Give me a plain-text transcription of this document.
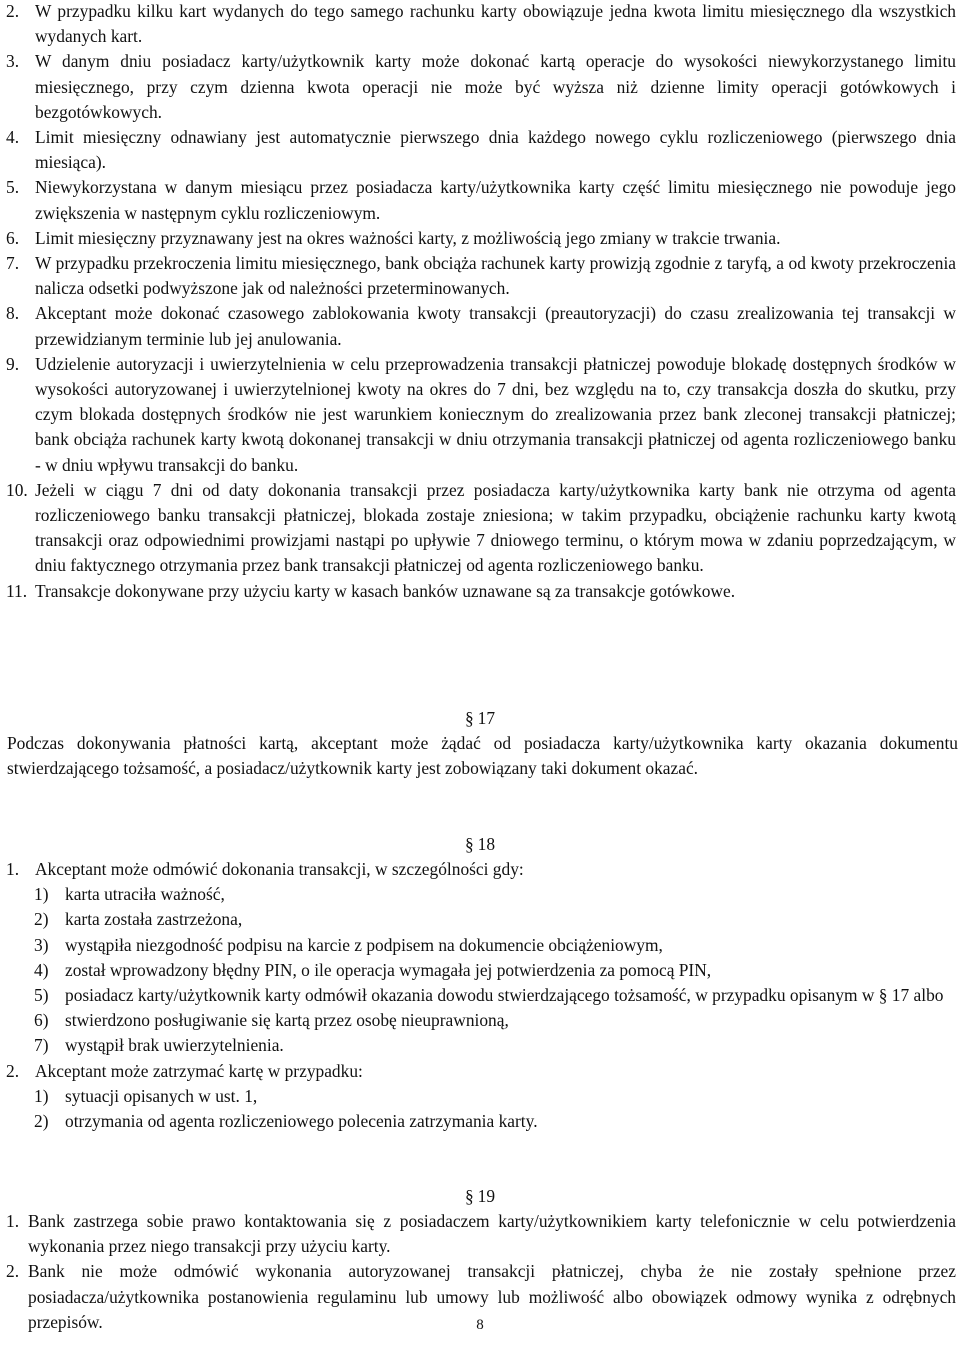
2. W przypadku kilku kart wydanych do tego samego rachunku karty obowiązuje jedna kwota limitu miesięcznego dla wszystkich wydanych kart.
3. W danym dniu posiadacz karty/użytkownik karty może dokonać kartą operacje do wysokości niewykorzystanego limitu miesięcznego, przy czym dzienna kwota operacji nie może być wyższa niż dzienne limity operacji gotówkowych i bezgotówkowych.
4. Limit miesięczny odnawiany jest automatycznie pierwszego dnia każdego nowego cyklu rozliczeniowego (pierwszego dnia miesiąca).
5. Niewykorzystana w danym miesiącu przez posiadacza karty/użytkownika karty część limitu miesięcznego nie powoduje jego zwiększenia w następnym cyklu rozliczeniowym.
6. Limit miesięczny przyznawany jest na okres ważności karty, z możliwością jego zmiany w trakcie trwania.
7. W przypadku przekroczenia limitu miesięcznego, bank obciąża rachunek karty prowizją zgodnie z taryfą, a od kwoty przekroczenia nalicza odsetki podwyższone jak od należności przeterminowanych.
8. Akceptant może dokonać czasowego zablokowania kwoty transakcji (preautoryzacji) do czasu zrealizowania tej transakcji w przewidzianym terminie lub jej anulowania.
9. Udzielenie autoryzacji i uwierzytelnienia w celu przeprowadzenia transakcji płatniczej powoduje blokadę dostępnych środków w wysokości autoryzowanej i uwierzytelnionej kwoty na okres do 7 dni, bez względu na to, czy transakcja doszła do skutku, przy czym blokada dostępnych środków nie jest warunkiem koniecznym do zrealizowania przez bank zleconej transakcji płatniczej; bank obciąża rachunek karty kwotą dokonanej transakcji w dniu otrzymania transakcji płatniczej od agenta rozliczeniowego banku - w dniu wpływu transakcji do banku.
10. Jeżeli w ciągu 7 dni od daty dokonania transakcji przez posiadacza karty/użytkownika karty bank nie otrzyma od agenta rozliczeniowego banku transakcji płatniczej, blokada zostaje zniesiona; w takim przypadku, obciążenie rachunku karty kwotą transakcji oraz odpowiednimi prowizjami nastąpi po upływie 7 dniowego terminu, o którym mowa w zdaniu poprzedzającym, w dniu faktycznego otrzymania przez bank transakcji płatniczej od agenta rozliczeniowego banku.
11. Transakcje dokonywane przy użyciu karty w kasach banków uznawane są za transakcje gotówkowe.
§ 17
Podczas dokonywania płatności kartą, akceptant może żądać od posiadacza karty/użytkownika karty okazania dokumentu stwierdzającego tożsamość, a posiadacz/użytkownik karty jest zobowiązany taki dokument okazać.
§ 18
1. Akceptant może odmówić dokonania transakcji, w szczególności gdy:
1) karta utraciła ważność,
2) karta została zastrzeżona,
3) wystąpiła niezgodność podpisu na karcie z podpisem na dokumencie obciążeniowym,
4) został wprowadzony błędny PIN, o ile operacja wymagała jej potwierdzenia za pomocą PIN,
5) posiadacz karty/użytkownik karty odmówił okazania dowodu stwierdzającego tożsamość, w przypadku opisanym w § 17 albo
6) stwierdzono posługiwanie się kartą przez osobę nieuprawnioną,
7) wystąpił brak uwierzytelnienia.
2. Akceptant może zatrzymać kartę w przypadku:
1) sytuacji opisanych w ust. 1,
2) otrzymania od agenta rozliczeniowego polecenia zatrzymania karty.
§ 19
1. Bank zastrzega sobie prawo kontaktowania się z posiadaczem karty/użytkownikiem karty telefonicznie w celu potwierdzenia wykonania przez niego transakcji przy użyciu karty.
2. Bank nie może odmówić wykonania autoryzowanej transakcji płatniczej, chyba że nie zostały spełnione przez posiadacza/użytkownika postanowienia regulaminu lub umowy lub możliwość albo obowiązek odmowy wynika z odrębnych przepisów.	8
